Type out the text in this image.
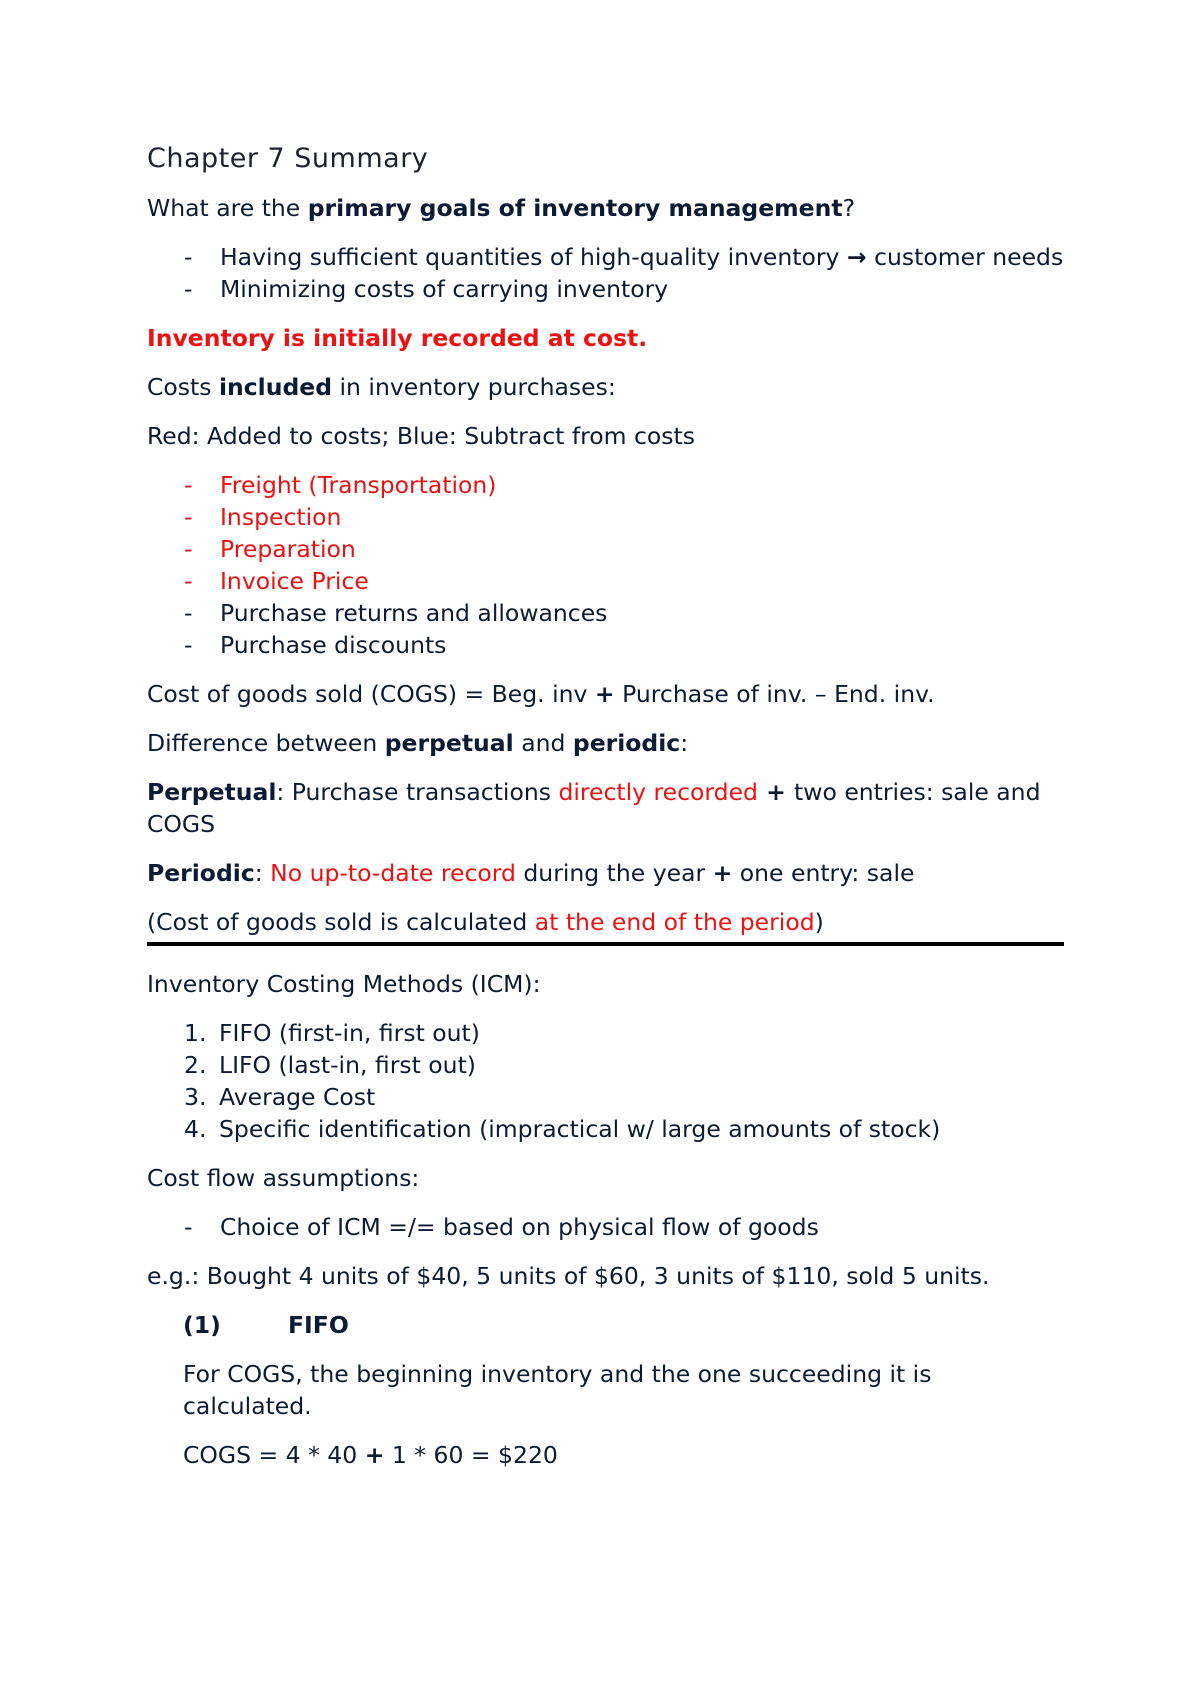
Chapter 7 Summary

What are the primary goals of inventory management?

- Having sufficient quantities of high-quality inventory → customer needs
- Minimizing costs of carrying inventory

Inventory is initially recorded at cost.

Costs included in inventory purchases:

Red: Added to costs; Blue: Subtract from costs

- Freight (Transportation)
- Inspection
- Preparation
- Invoice Price
- Purchase returns and allowances
- Purchase discounts

Cost of goods sold (COGS) = Beg. inv + Purchase of inv. – End. inv.

Difference between perpetual and periodic:

Perpetual: Purchase transactions directly recorded + two entries: sale and COGS

Periodic: No up-to-date record during the year + one entry: sale

(Cost of goods sold is calculated at the end of the period)

Inventory Costing Methods (ICM):

1. FIFO (first-in, first out)
2. LIFO (last-in, first out)
3. Average Cost
4. Specific identification (impractical w/ large amounts of stock)

Cost flow assumptions:

- Choice of ICM =/= based on physical flow of goods

e.g.: Bought 4 units of $40, 5 units of $60, 3 units of $110, sold 5 units.

(1)	FIFO

For COGS, the beginning inventory and the one succeeding it is calculated.

COGS = 4 * 40 + 1 * 60 = $220
